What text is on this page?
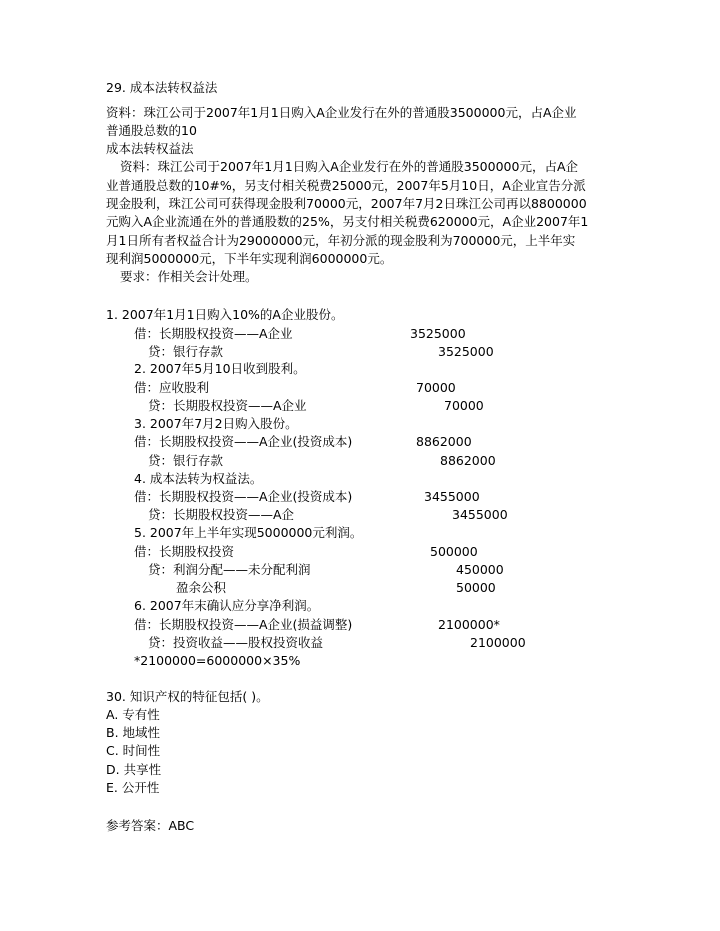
29. 成本法转权益法
资料：珠江公司于2007年1月1日购入A企业发行在外的普通股3500000元，占A企业
普通股总数的10
成本法转权益法
资料：珠江公司于2007年1月1日购入A企业发行在外的普通股3500000元，占A企
业普通股总数的10#%，另支付相关税费25000元，2007年5月10日，A企业宣告分派
现金股利，珠江公司可获得现金股利70000元，2007年7月2日珠江公司再以8800000
元购入A企业流通在外的普通股数的25%，另支付相关税费620000元，A企业2007年1
月1日所有者权益合计为29000000元，年初分派的现金股利为700000元，上半年实
现利润5000000元，下半年实现利润6000000元。
要求：作相关会计处理。
1. 2007年1月1日购入10%的A企业股份。
借：长期股权投资——A企业	3525000
贷：银行存款	3525000
2. 2007年5月10日收到股利。
借：应收股利	70000
贷：长期股权投资——A企业	70000
3. 2007年7月2日购入股份。
借：长期股权投资——A企业(投资成本)	8862000
贷：银行存款	8862000
4. 成本法转为权益法。
借：长期股权投资——A企业(投资成本)	3455000
贷：长期股权投资——A企	3455000
5. 2007年上半年实现5000000元利润。
借：长期股权投资	500000
贷：利润分配——未分配利润	450000
盈余公积	50000
6. 2007年末确认应分享净利润。
借：长期股权投资——A企业(损益调整)	2100000*
贷：投资收益——股权投资收益	2100000
*2100000=6000000×35%
30. 知识产权的特征包括( )。
A. 专有性
B. 地域性
C. 时间性
D. 共享性
E. 公开性
参考答案：ABC
